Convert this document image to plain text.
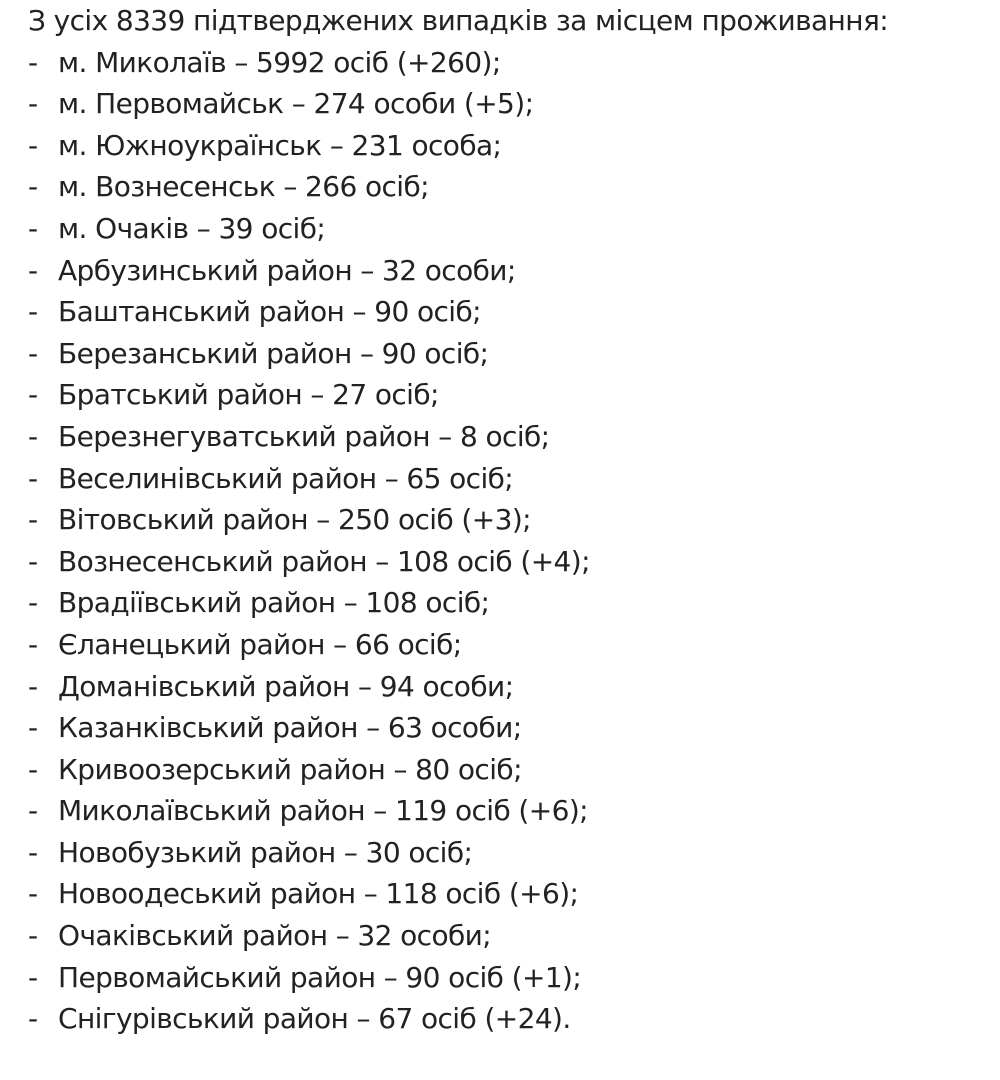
З усіх 8339 підтверджених випадків за місцем проживання:
- м. Миколаїв – 5992 осіб (+260);
- м. Первомайськ – 274 особи (+5);
- м. Южноукраїнськ – 231 особа;
- м. Вознесенськ – 266 осіб;
- м. Очаків – 39 осіб;
- Арбузинський район – 32 особи;
- Баштанський район – 90 осіб;
- Березанський район – 90 осіб;
- Братський район – 27 осіб;
- Березнегуватський район – 8 осіб;
- Веселинівський район – 65 осіб;
- Вітовський район – 250 осіб (+3);
- Вознесенський район – 108 осіб (+4);
- Врадіївський район – 108 осіб;
- Єланецький район – 66 осіб;
- Доманівський район – 94 особи;
- Казанківський район – 63 особи;
- Кривоозерський район – 80 осіб;
- Миколаївський район – 119 осіб (+6);
- Новобузький район – 30 осіб;
- Новоодеський район – 118 осіб (+6);
- Очаківський район – 32 особи;
- Первомайський район – 90 осіб (+1);
- Снігурівський район – 67 осіб (+24).
